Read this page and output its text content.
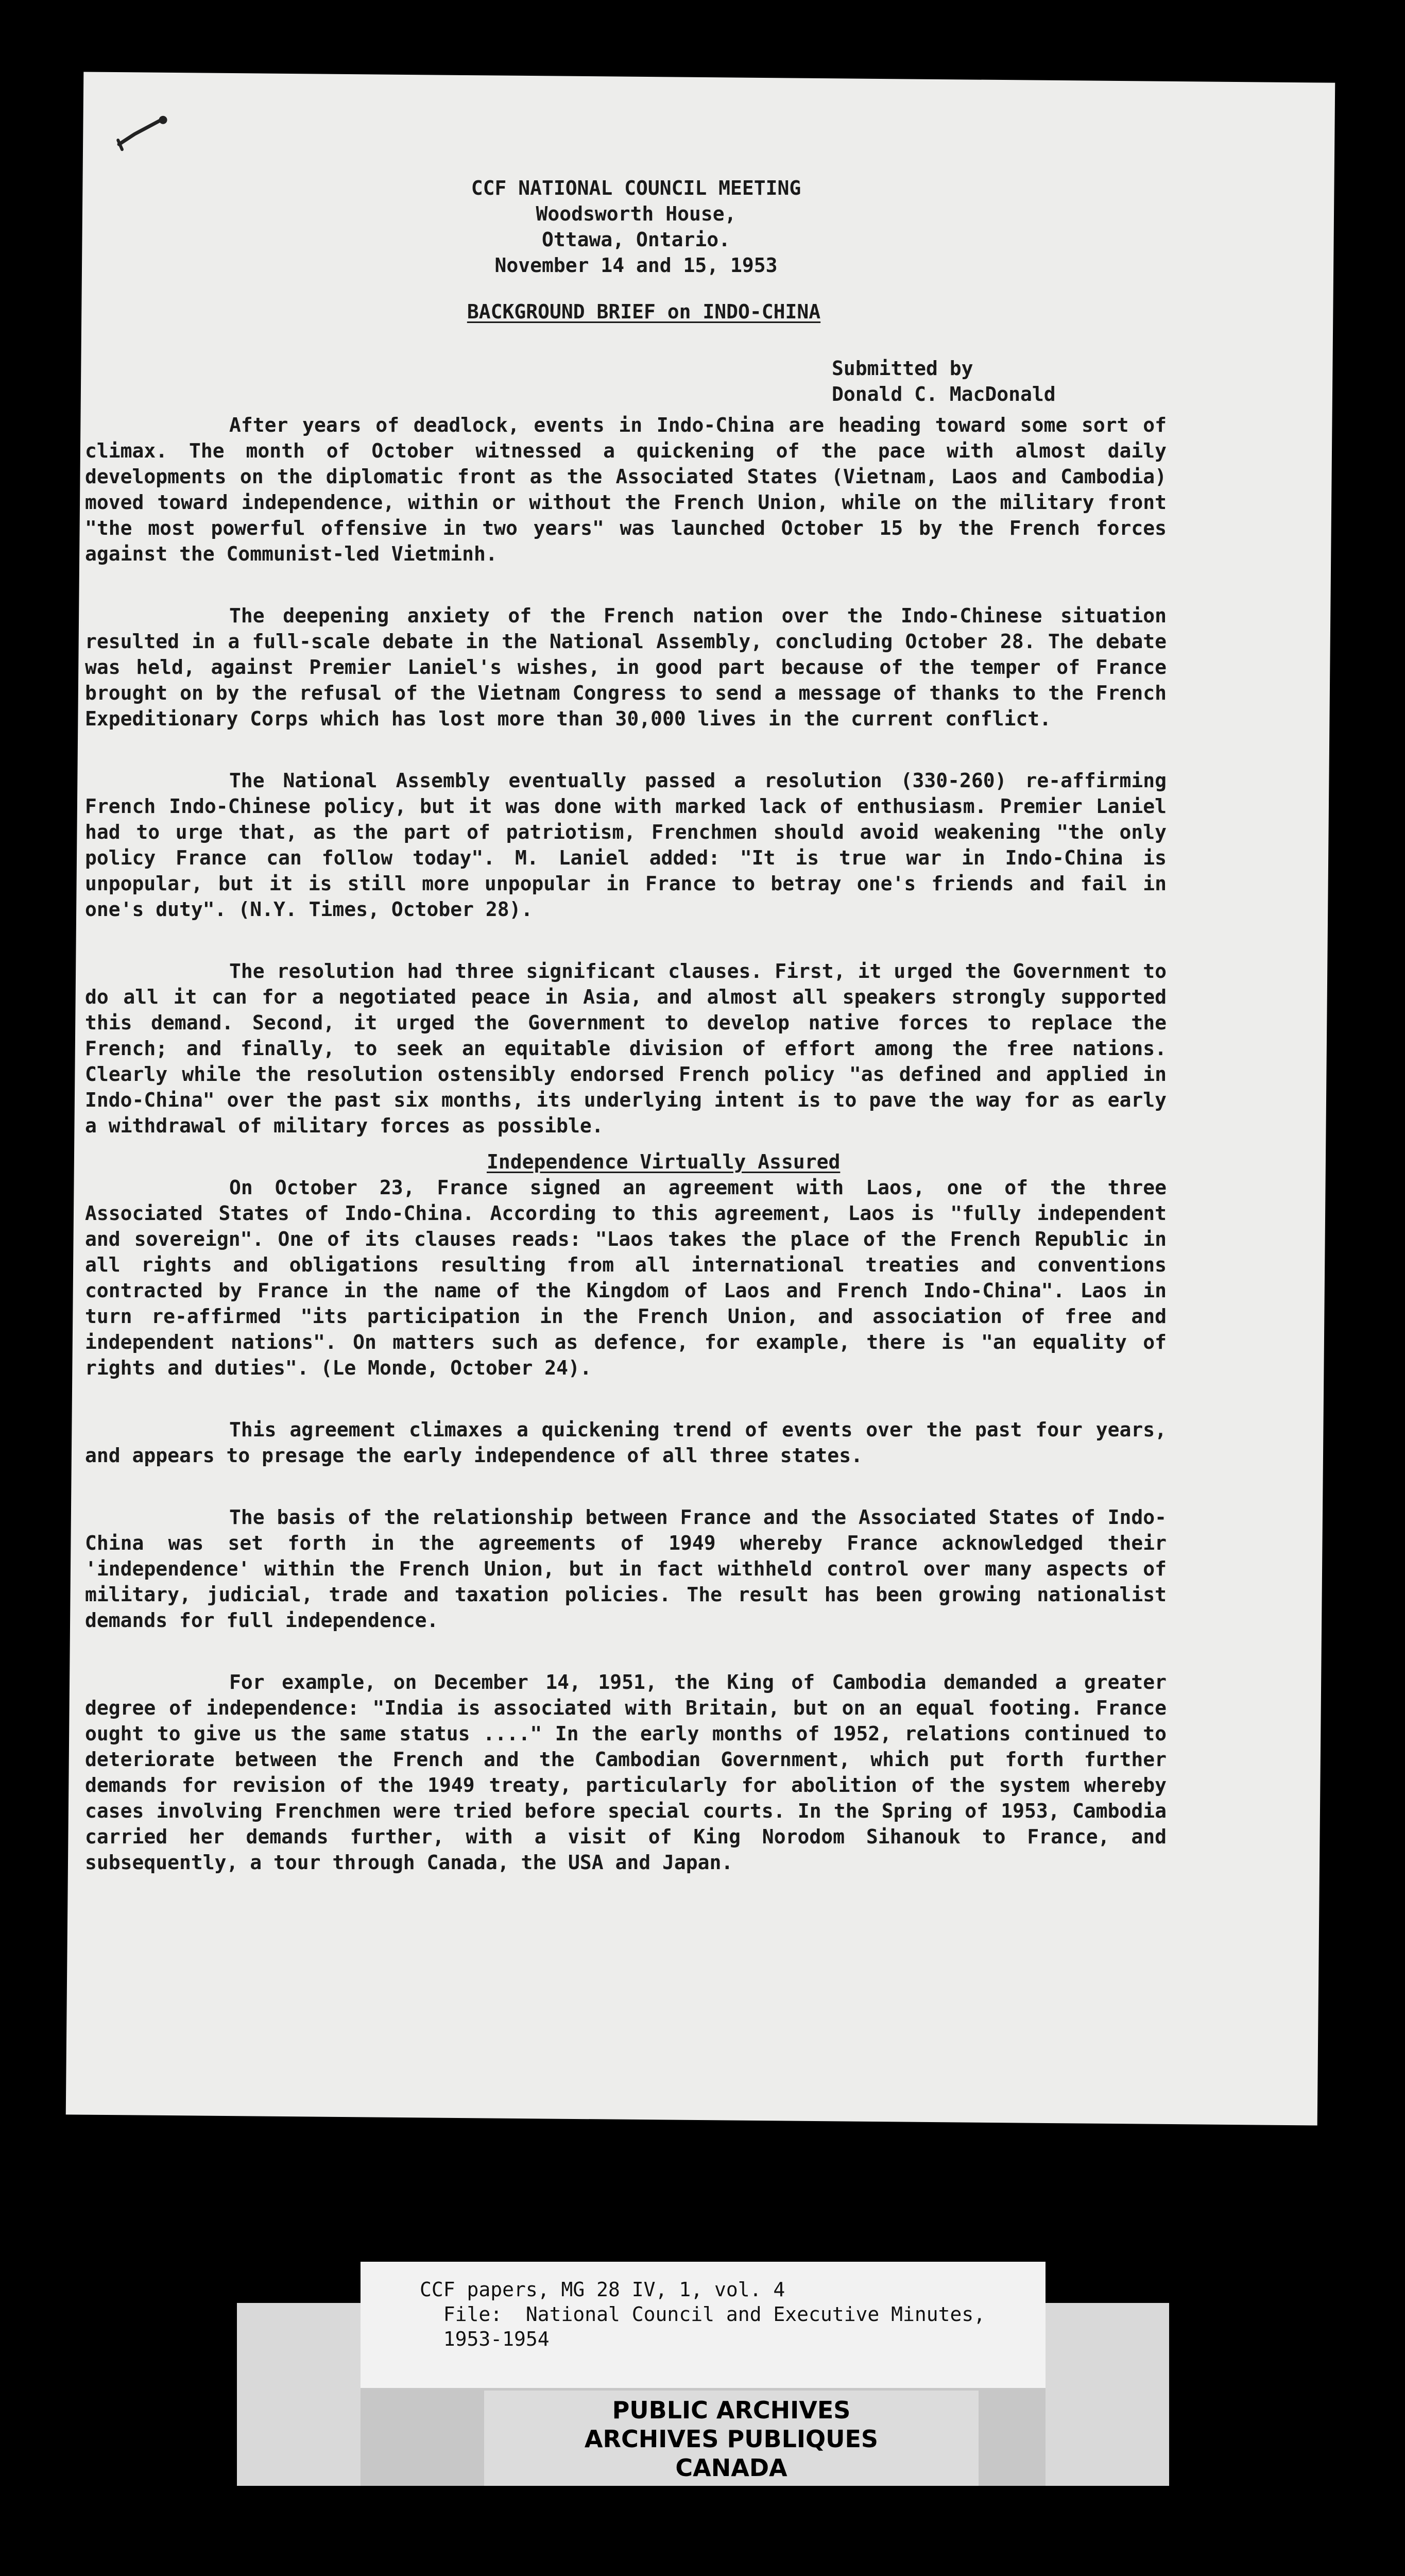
CCF NATIONAL COUNCIL MEETING
Woodsworth House,
Ottawa, Ontario.
November 14 and 15, 1953
BACKGROUND BRIEF on INDO-CHINA
Submitted by
Donald C. MacDonald

After years of deadlock, events in Indo-China are heading toward some sort of climax. The month of October witnessed a quickening of the pace with almost daily developments on the diplomatic front as the Associated States (Vietnam, Laos and Cambodia) moved toward independence, within or without the French Union, while on the military front "the most powerful offensive in two years" was launched October 15 by the French forces against the Communist-led Vietminh.

The deepening anxiety of the French nation over the Indo-Chinese situation resulted in a full-scale debate in the National Assembly, concluding October 28. The debate was held, against Premier Laniel's wishes, in good part because of the temper of France brought on by the refusal of the Vietnam Congress to send a message of thanks to the French Expeditionary Corps which has lost more than 30,000 lives in the current conflict.

The National Assembly eventually passed a resolution (330-260) re-affirming French Indo-Chinese policy, but it was done with marked lack of enthusiasm. Premier Laniel had to urge that, as the part of patriotism, Frenchmen should avoid weakening "the only policy France can follow today". M. Laniel added: "It is true war in Indo-China is unpopular, but it is still more unpopular in France to betray one's friends and fail in one's duty". (N.Y. Times, October 28).

The resolution had three significant clauses. First, it urged the Government to do all it can for a negotiated peace in Asia, and almost all speakers strongly supported this demand. Second, it urged the Government to develop native forces to replace the French; and finally, to seek an equitable division of effort among the free nations. Clearly while the resolution ostensibly endorsed French policy "as defined and applied in Indo-China" over the past six months, its underlying intent is to pave the way for as early a withdrawal of military forces as possible.

Independence Virtually Assured

On October 23, France signed an agreement with Laos, one of the three Associated States of Indo-China. According to this agreement, Laos is "fully independent and sovereign". One of its clauses reads: "Laos takes the place of the French Republic in all rights and obligations resulting from all international treaties and conventions contracted by France in the name of the Kingdom of Laos and French Indo-China". Laos in turn re-affirmed "its participation in the French Union, and association of free and independent nations". On matters such as defence, for example, there is "an equality of rights and duties". (Le Monde, October 24).

This agreement climaxes a quickening trend of events over the past four years, and appears to presage the early independence of all three states.

The basis of the relationship between France and the Associated States of Indo-China was set forth in the agreements of 1949 whereby France acknowledged their 'independence' within the French Union, but in fact withheld control over many aspects of military, judicial, trade and taxation policies. The result has been growing nationalist demands for full independence.

For example, on December 14, 1951, the King of Cambodia demanded a greater degree of independence: "India is associated with Britain, but on an equal footing. France ought to give us the same status ...." In the early months of 1952, relations continued to deteriorate between the French and the Cambodian Government, which put forth further demands for revision of the 1949 treaty, particularly for abolition of the system whereby cases involving Frenchmen were tried before special courts. In the Spring of 1953, Cambodia carried her demands further, with a visit of King Norodom Sihanouk to France, and subsequently, a tour through Canada, the USA and Japan.

CCF papers, MG 28 IV, 1, vol. 4
File:  National Council and Executive Minutes,
1953-1954
PUBLIC ARCHIVES
ARCHIVES PUBLIQUES
CANADA
